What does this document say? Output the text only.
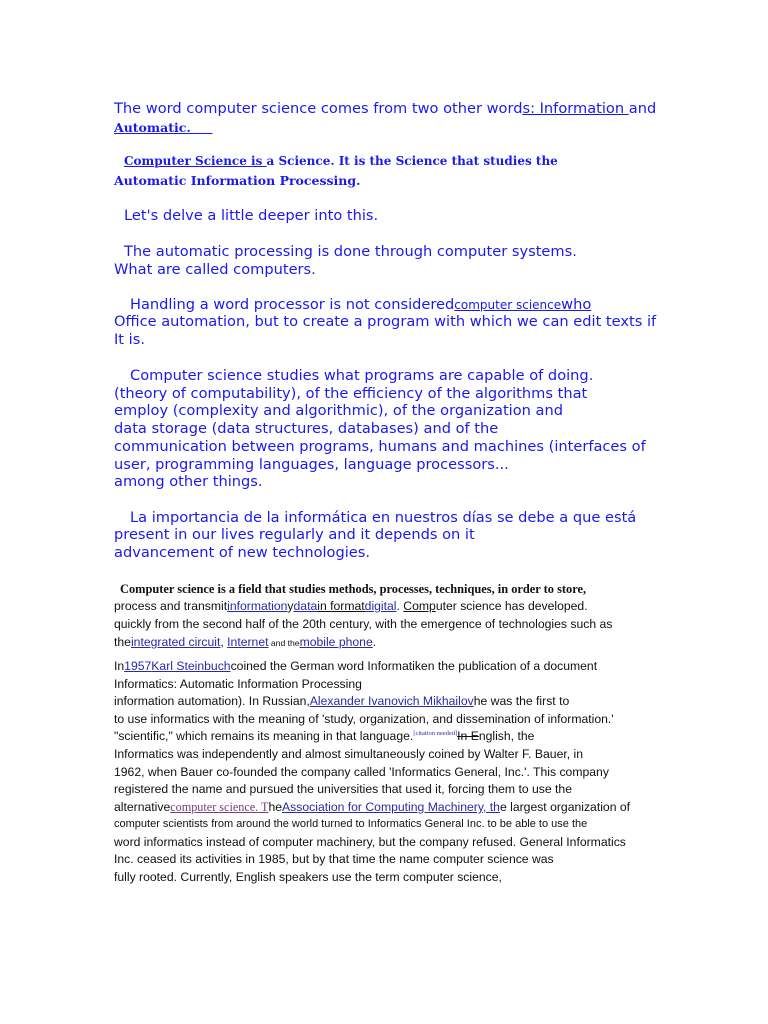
The word computer science comes from two other words: Information and
Automatic.
Computer Science is a Science. It is the Science that studies the
Automatic Information Processing.
Let's delve a little deeper into this.
The automatic processing is done through computer systems.
What are called computers.
Handling a word processor is not consideredcomputer sciencewho
Office automation, but to create a program with which we can edit texts if
It is.
Computer science studies what programs are capable of doing.
(theory of computability), of the efficiency of the algorithms that
employ (complexity and algorithmic), of the organization and
data storage (data structures, databases) and of the
communication between programs, humans and machines (interfaces of
user, programming languages, language processors...
among other things.
La importancia de la informática en nuestros días se debe a que está
present in our lives regularly and it depends on it
advancement of new technologies.
Computer science is a field that studies methods, processes, techniques, in order to store,
process and transmitinformationydatain formatdigital. Computer science has developed.
quickly from the second half of the 20th century, with the emergence of technologies such as
theintegrated circuit, Internet and themobile phone.
In1957Karl Steinbuchcoined the German word Informatiken the publication of a document
Informatics: Automatic Information Processing
information automation). In Russian,Alexander Ivanovich Mikhailovhe was the first to
to use informatics with the meaning of 'study, organization, and dissemination of information.'
"scientific," which remains its meaning in that language.[citation needed]In English, the
Informatics was independently and almost simultaneously coined by Walter F. Bauer, in
1962, when Bauer co-founded the company called 'Informatics General, Inc.'. This company
registered the name and pursued the universities that used it, forcing them to use the
alternativecomputer science. TheAssociation for Computing Machinery, the largest organization of
computer scientists from around the world turned to Informatics General Inc. to be able to use the
word informatics instead of computer machinery, but the company refused. General Informatics
Inc. ceased its activities in 1985, but by that time the name computer science was
fully rooted. Currently, English speakers use the term computer science,
